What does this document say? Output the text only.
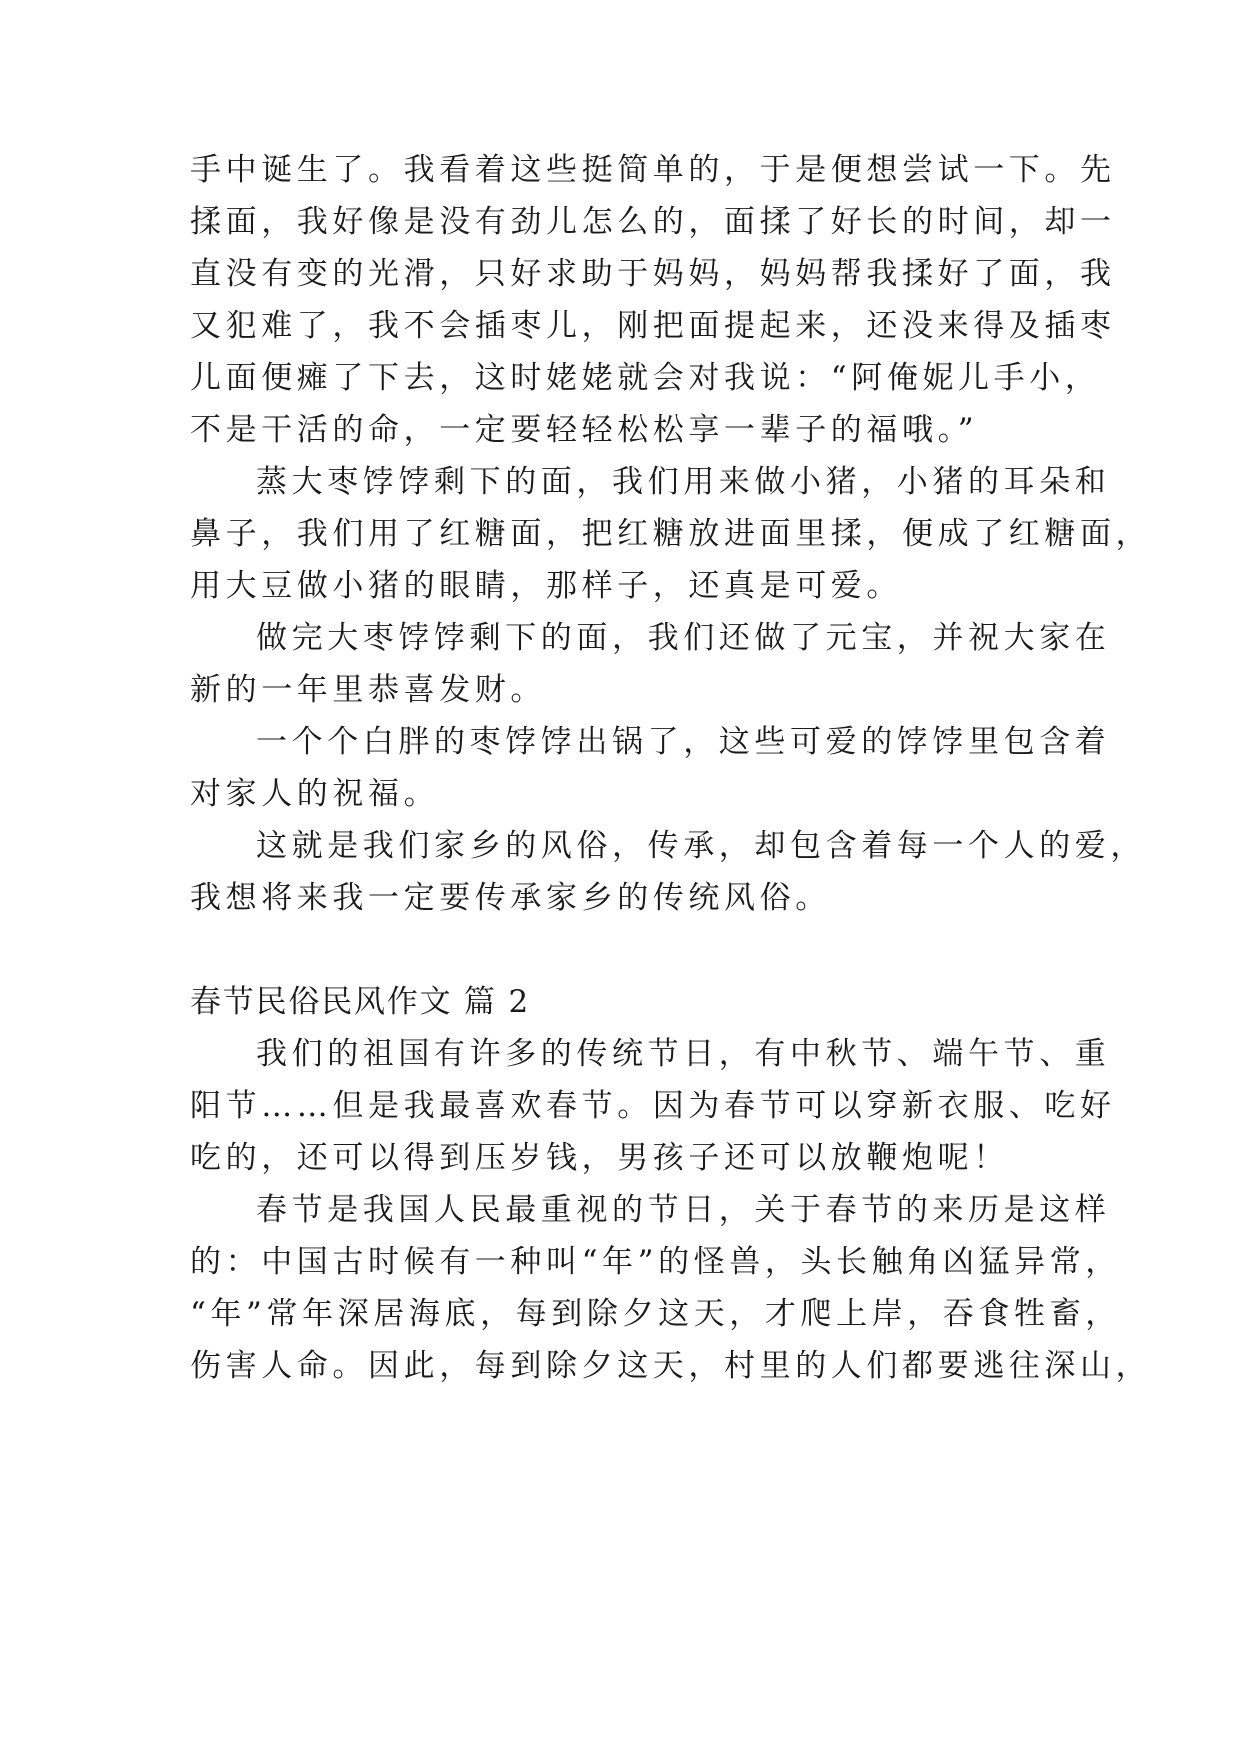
手中诞生了。我看着这些挺简单的，于是便想尝试一下。先
揉面，我好像是没有劲儿怎么的，面揉了好长的时间，却一
直没有变的光滑，只好求助于妈妈，妈妈帮我揉好了面，我
又犯难了，我不会插枣儿，刚把面提起来，还没来得及插枣
儿面便瘫了下去，这时姥姥就会对我说：“阿俺妮儿手小，
不是干活的命，一定要轻轻松松享一辈子的福哦。”
蒸大枣饽饽剩下的面，我们用来做小猪，小猪的耳朵和
鼻子，我们用了红糖面，把红糖放进面里揉，便成了红糖面，
用大豆做小猪的眼睛，那样子，还真是可爱。
做完大枣饽饽剩下的面，我们还做了元宝，并祝大家在
新的一年里恭喜发财。
一个个白胖的枣饽饽出锅了，这些可爱的饽饽里包含着
对家人的祝福。
这就是我们家乡的风俗，传承，却包含着每一个人的爱，
我想将来我一定要传承家乡的传统风俗。
春节民俗民风作文 篇 2
我们的祖国有许多的传统节日，有中秋节、端午节、重
阳节……但是我最喜欢春节。因为春节可以穿新衣服、吃好
吃的，还可以得到压岁钱，男孩子还可以放鞭炮呢！
春节是我国人民最重视的节日，关于春节的来历是这样
的：中国古时候有一种叫“年”的怪兽，头长触角凶猛异常，
“年”常年深居海底，每到除夕这天，才爬上岸，吞食牲畜，
伤害人命。因此，每到除夕这天，村里的人们都要逃往深山，
